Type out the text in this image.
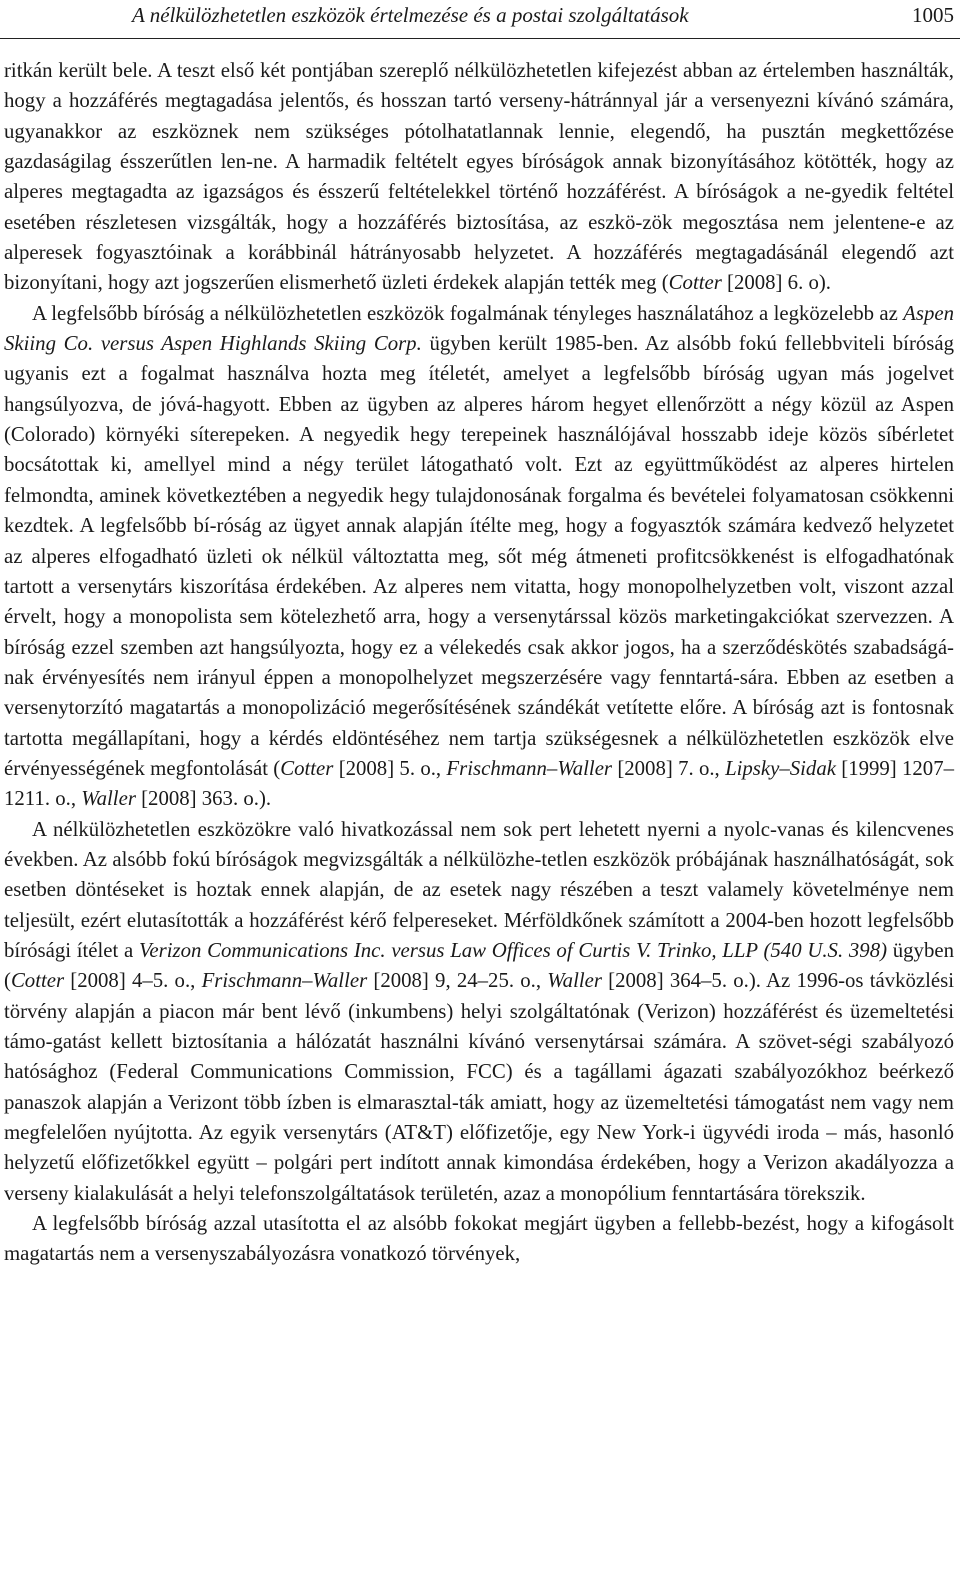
A nélkülözhetetlen eszközök értelmezése és a postai szolgáltatások	1005

ritkán került bele. A teszt első két pontjában szereplő nélkülözhetetlen kifejezést abban az értelemben használták, hogy a hozzáférés megtagadása jelentős, és hosszan tartó verseny-hátránnyal jár a versenyezni kívánó számára, ugyanakkor az eszköznek nem szükséges pótolhatatlannak lennie, elegendő, ha pusztán megkettőzése gazdaságilag ésszerűtlen len-ne. A harmadik feltételt egyes bíróságok annak bizonyításához kötötték, hogy az alperes megtagadta az igazságos és ésszerű feltételekkel történő hozzáférést. A bíróságok a ne-gyedik feltétel esetében részletesen vizsgálták, hogy a hozzáférés biztosítása, az eszkö-zök megosztása nem jelentene-e az alperesek fogyasztóinak a korábbinál hátrányosabb helyzetet. A hozzáférés megtagadásánál elegendő azt bizonyítani, hogy azt jogszerűen elismerhető üzleti érdekek alapján tették meg (Cotter [2008] 6. o).

A legfelsőbb bíróság a nélkülözhetetlen eszközök fogalmának tényleges használatához a legközelebb az Aspen Skiing Co. versus Aspen Highlands Skiing Corp. ügyben került 1985-ben. Az alsóbb fokú fellebbviteli bíróság ugyanis ezt a fogalmat használva hozta meg ítéletét, amelyet a legfelsőbb bíróság ugyan más jogelvet hangsúlyozva, de jóvá-hagyott. Ebben az ügyben az alperes három hegyet ellenőrzött a négy közül az Aspen (Colorado) környéki síterepeken. A negyedik hegy terepeinek használójával hosszabb ideje közös síbérletet bocsátottak ki, amellyel mind a négy terület látogatható volt. Ezt az együttműködést az alperes hirtelen felmondta, aminek következtében a negyedik hegy tulajdonosának forgalma és bevételei folyamatosan csökkenni kezdtek. A legfelsőbb bí-róság az ügyet annak alapján ítélte meg, hogy a fogyasztók számára kedvező helyzetet az alperes elfogadható üzleti ok nélkül változtatta meg, sőt még átmeneti profitcsökkenést is elfogadhatónak tartott a versenytárs kiszorítása érdekében. Az alperes nem vitatta, hogy monopolhelyzetben volt, viszont azzal érvelt, hogy a monopolista sem kötelezhető arra, hogy a versenytárssal közös marketingakciókat szervezzen. A bíróság ezzel szemben azt hangsúlyozta, hogy ez a vélekedés csak akkor jogos, ha a szerződéskötés szabadságá-nak érvényesítés nem irányul éppen a monopolhelyzet megszerzésére vagy fenntartá-sára. Ebben az esetben a versenytorzító magatartás a monopolizáció megerősítésének szándékát vetítette előre. A bíróság azt is fontosnak tartotta megállapítani, hogy a kérdés eldöntéséhez nem tartja szükségesnek a nélkülözhetetlen eszközök elve érvényességének megfontolását (Cotter [2008] 5. o., Frischmann–Waller [2008] 7. o., Lipsky–Sidak [1999] 1207–1211. o., Waller [2008] 363. o.).

A nélkülözhetetlen eszközökre való hivatkozással nem sok pert lehetett nyerni a nyolc-vanas és kilencvenes években. Az alsóbb fokú bíróságok megvizsgálták a nélkülözhe-tetlen eszközök próbájának használhatóságát, sok esetben döntéseket is hoztak ennek alapján, de az esetek nagy részében a teszt valamely követelménye nem teljesült, ezért elutasították a hozzáférést kérő felpereseket. Mérföldkőnek számított a 2004-ben hozott legfelsőbb bírósági ítélet a Verizon Communications Inc. versus Law Offices of Curtis V. Trinko, LLP (540 U.S. 398) ügyben (Cotter [2008] 4–5. o., Frischmann–Waller [2008] 9, 24–25. o., Waller [2008] 364–5. o.). Az 1996-os távközlési törvény alapján a piacon már bent lévő (inkumbens) helyi szolgáltatónak (Verizon) hozzáférést és üzemeltetési támo-gatást kellett biztosítania a hálózatát használni kívánó versenytársai számára. A szövet-ségi szabályozó hatósághoz (Federal Communications Commission, FCC) és a tagállami ágazati szabályozókhoz beérkező panaszok alapján a Verizont több ízben is elmarasztal-ták amiatt, hogy az üzemeltetési támogatást nem vagy nem megfelelően nyújtotta. Az egyik versenytárs (AT&T) előfizetője, egy New York-i ügyvédi iroda – más, hasonló helyzetű előfizetőkkel együtt – polgári pert indított annak kimondása érdekében, hogy a Verizon akadályozza a verseny kialakulását a helyi telefonszolgáltatások területén, azaz a monopólium fenntartására törekszik.

A legfelsőbb bíróság azzal utasította el az alsóbb fokokat megjárt ügyben a fellebb-bezést, hogy a kifogásolt magatartás nem a versenyszabályozásra vonatkozó törvények,
